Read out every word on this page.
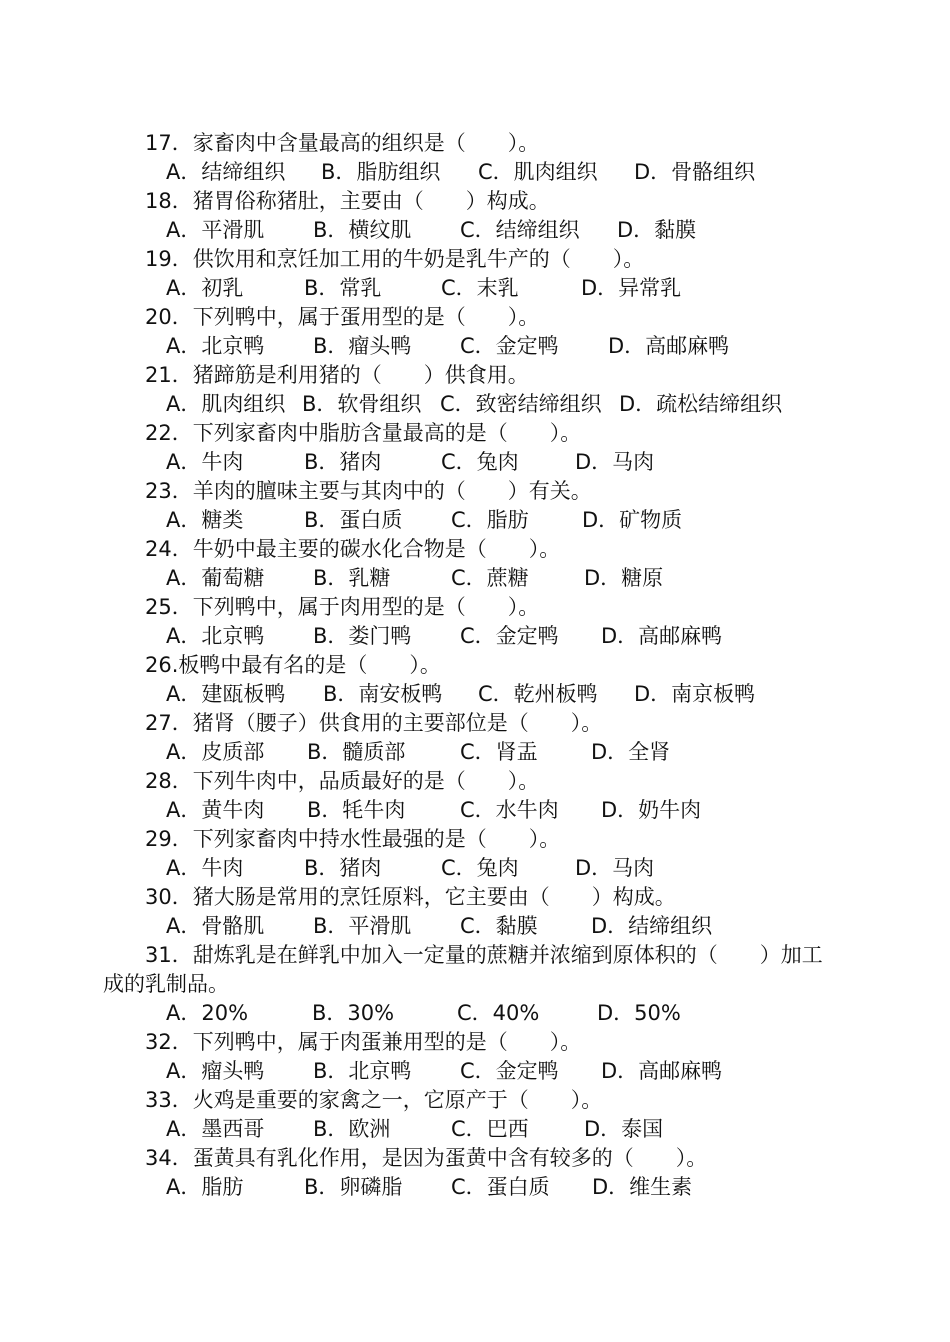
17．家畜肉中含量最高的组织是（　　）。
A．结缔组织 B．脂肪组织 C．肌肉组织 D．骨骼组织
18．猪胃俗称猪肚，主要由（　　）构成。
A．平滑肌 B．横纹肌 C．结缔组织 D．黏膜
19．供饮用和烹饪加工用的牛奶是乳牛产的（　　）。
A．初乳	B．常乳	C．末乳	D．异常乳
20．下列鸭中，属于蛋用型的是（　　）。
A．北京鸭 B．瘤头鸭 C．金定鸭 D．高邮麻鸭
21．猪蹄筋是利用猪的（　　）供食用。
A．肌肉组织 B．软骨组织 C．致密结缔组织 D．疏松结缔组织
22．下列家畜肉中脂肪含量最高的是（　　）。
A．牛肉	B．猪肉	C．兔肉	D．马肉
23．羊肉的膻味主要与其肉中的（　　）有关。
A．糖类	B．蛋白质 C．脂肪	D．矿物质
24．牛奶中最主要的碳水化合物是（　　）。
A．葡萄糖 B．乳糖	C．蔗糖	D．糖原
25．下列鸭中，属于肉用型的是（　　）。
A．北京鸭 B．娄门鸭 C．金定鸭 D．高邮麻鸭
26.板鸭中最有名的是（　　）。
A．建瓯板鸭 B．南安板鸭 C．乾州板鸭 D．南京板鸭
27．猪肾（腰子）供食用的主要部位是（　　）。
A．皮质部 B．髓质部	C．肾盂	D．全肾
28．下列牛肉中，品质最好的是（　　）。
A．黄牛肉 B．牦牛肉	C．水牛肉 D．奶牛肉
29．下列家畜肉中持水性最强的是（　　）。
A．牛肉	B．猪肉	C．兔肉	D．马肉
30．猪大肠是常用的烹饪原料，它主要由（　　）构成。
A．骨骼肌 B．平滑肌 C．黏膜	D．结缔组织
31．甜炼乳是在鲜乳中加入一定量的蔗糖并浓缩到原体积的（　　）加工
成的乳制品。
A．20%	B．30%	C．40%	D．50%
32．下列鸭中，属于肉蛋兼用型的是（　　）。
A．瘤头鸭 B．北京鸭 C．金定鸭 D．高邮麻鸭
33．火鸡是重要的家禽之一，它原产于（　　）。
A．墨西哥 B．欧洲	C．巴西	D．泰国
34．蛋黄具有乳化作用，是因为蛋黄中含有较多的（　　）。
A．脂肪	B．卵磷脂 C．蛋白质 D．维生素
